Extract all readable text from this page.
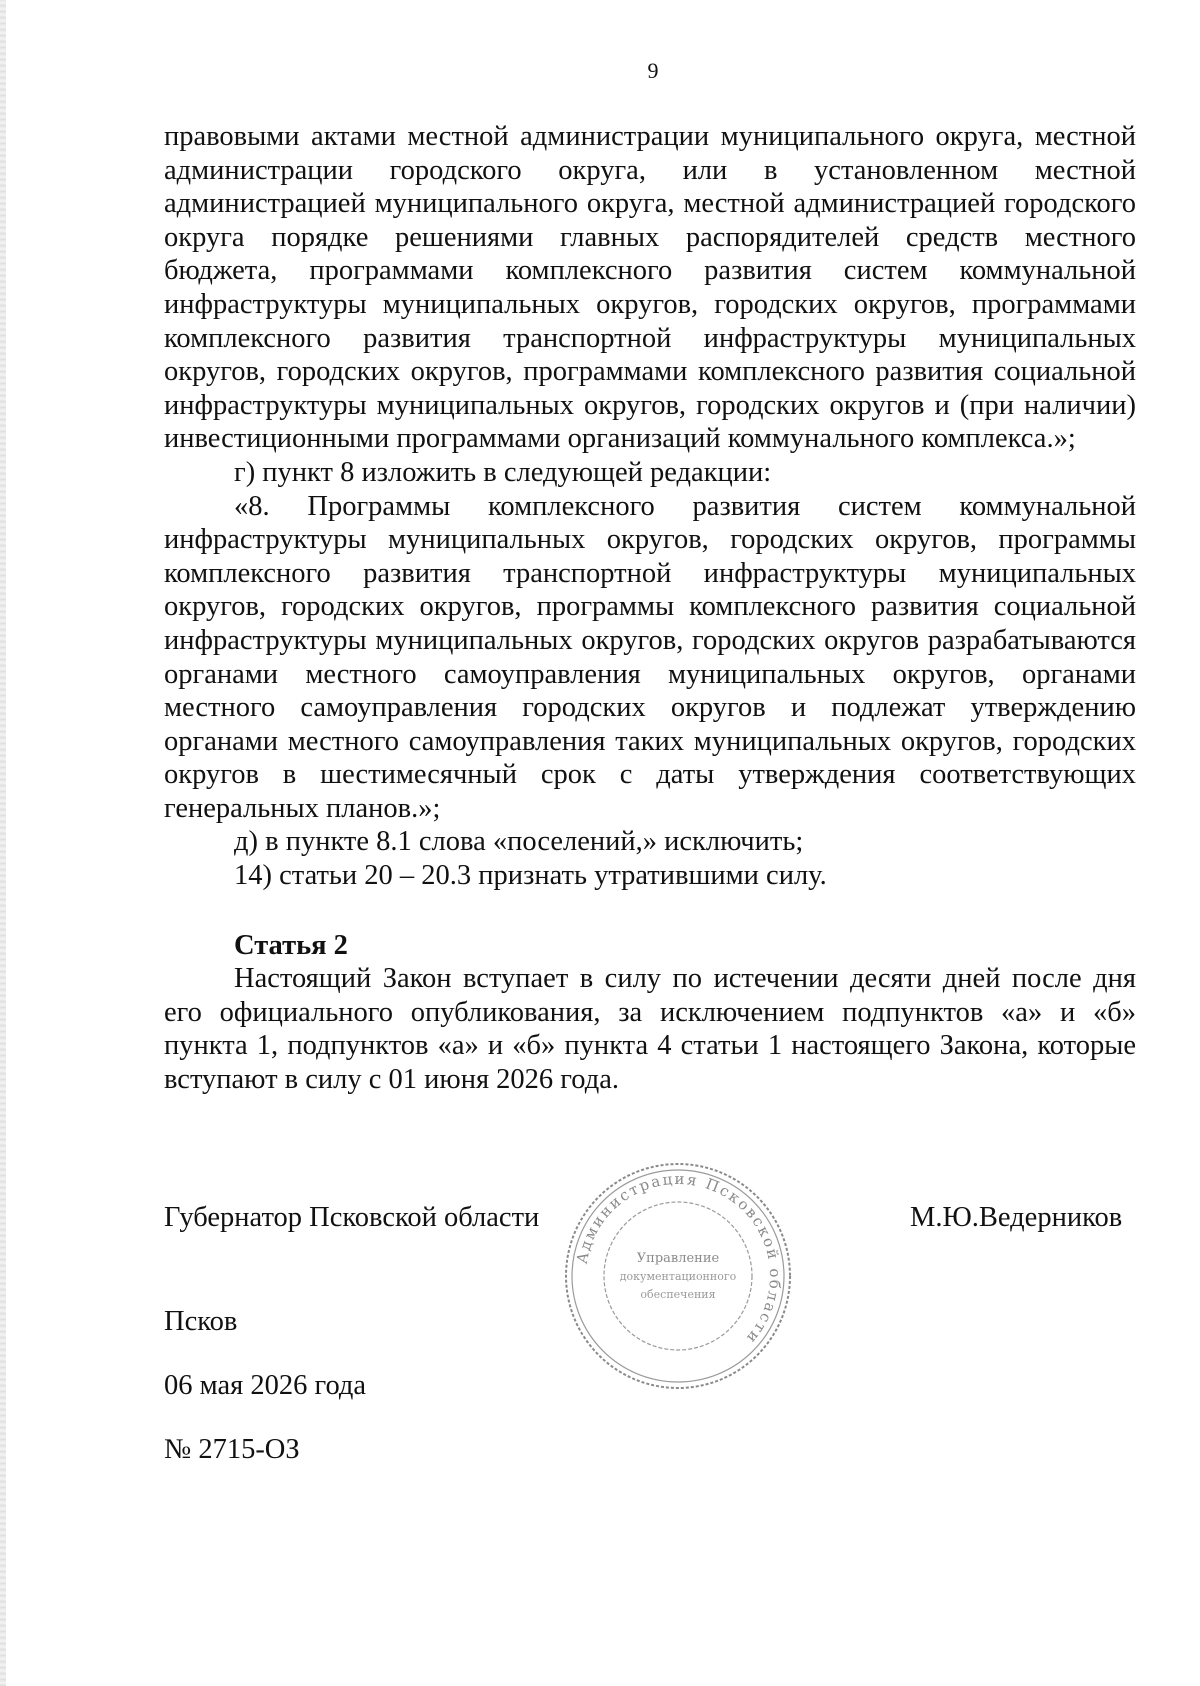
9

правовыми актами местной администрации муниципального округа, местной администрации городского округа, или в установленном местной администрацией муниципального округа, местной администрацией городского округа порядке решениями главных распорядителей средств местного бюджета, программами комплексного развития систем коммунальной инфраструктуры муниципальных округов, городских округов, программами комплексного развития транспортной инфраструктуры муниципальных округов, городских округов, программами комплексного развития социальной инфраструктуры муниципальных округов, городских округов и (при наличии) инвестиционными программами организаций коммунального комплекса.»;

г) пункт 8 изложить в следующей редакции:

«8. Программы комплексного развития систем коммунальной инфраструктуры муниципальных округов, городских округов, программы комплексного развития транспортной инфраструктуры муниципальных округов, городских округов, программы комплексного развития социальной инфраструктуры муниципальных округов, городских округов разрабатываются органами местного самоуправления муниципальных округов, органами местного самоуправления городских округов и подлежат утверждению органами местного самоуправления таких муниципальных округов, городских округов в шестимесячный срок с даты утверждения соответствующих генеральных планов.»;

д) в пункте 8.1 слова «поселений,» исключить;

14) статьи 20 – 20.3 признать утратившими силу.

Статья 2

Настоящий Закон вступает в силу по истечении десяти дней после дня его официального опубликования, за исключением подпунктов «а» и «б» пункта 1, подпунктов «а» и «б» пункта 4 статьи 1 настоящего Закона, которые вступают в силу с 01 июня 2026 года.

Губернатор Псковской области	М.Ю.Ведерников
Псков
06 мая 2026 года
№ 2715-ОЗ
Администрация Псковской области
Управление
документационного
обеспечения
